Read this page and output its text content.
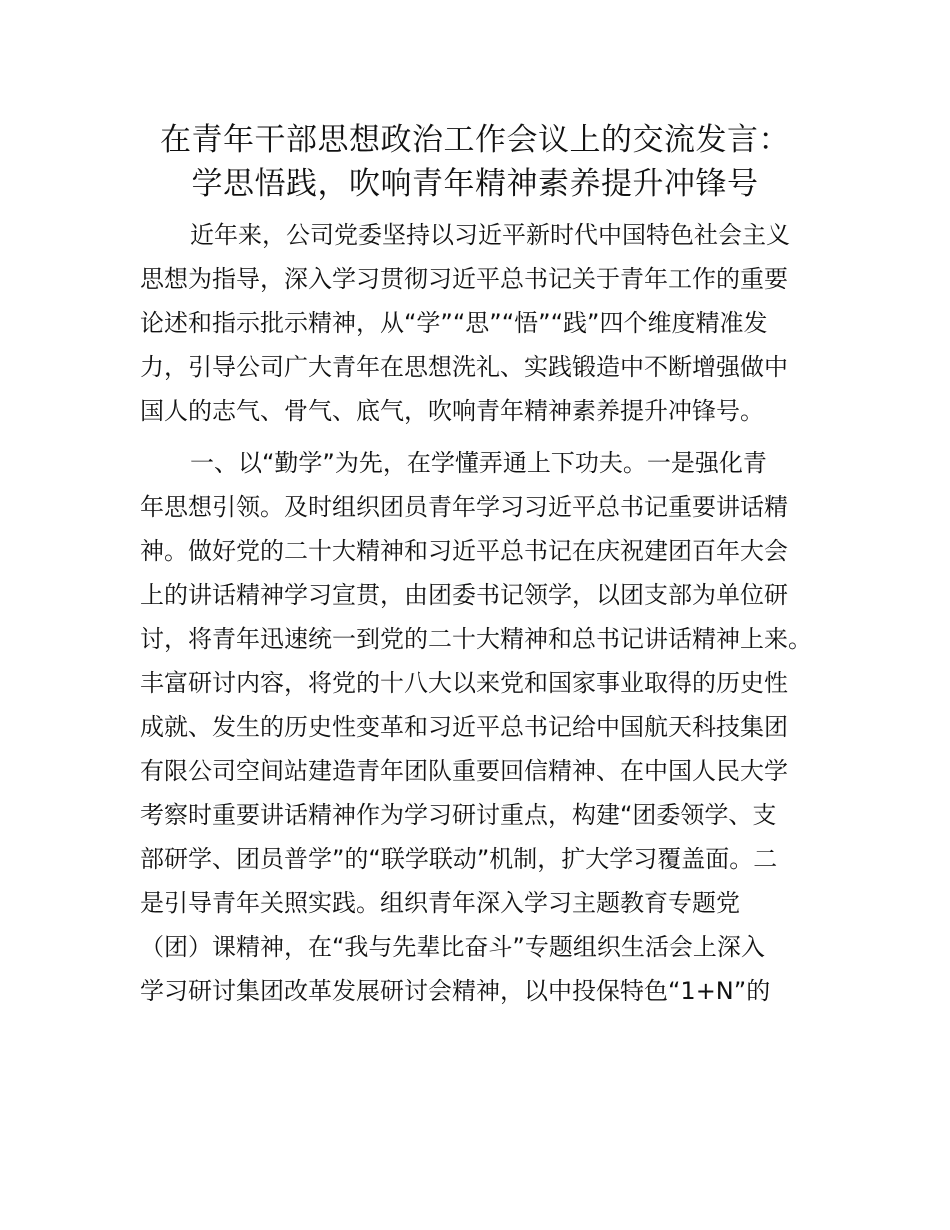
在青年干部思想政治工作会议上的交流发言：
学思悟践，吹响青年精神素养提升冲锋号
近年来，公司党委坚持以习近平新时代中国特色社会主义
思想为指导，深入学习贯彻习近平总书记关于青年工作的重要
论述和指示批示精神，从“学”“思”“悟”“践”四个维度精准发
力，引导公司广大青年在思想洗礼、实践锻造中不断增强做中
国人的志气、骨气、底气，吹响青年精神素养提升冲锋号。
一、以“勤学”为先，在学懂弄通上下功夫。一是强化青
年思想引领。及时组织团员青年学习习近平总书记重要讲话精
神。做好党的二十大精神和习近平总书记在庆祝建团百年大会
上的讲话精神学习宣贯，由团委书记领学，以团支部为单位研
讨，将青年迅速统一到党的二十大精神和总书记讲话精神上来。
丰富研讨内容，将党的十八大以来党和国家事业取得的历史性
成就、发生的历史性变革和习近平总书记给中国航天科技集团
有限公司空间站建造青年团队重要回信精神、在中国人民大学
考察时重要讲话精神作为学习研讨重点，构建“团委领学、支
部研学、团员普学”的“联学联动”机制，扩大学习覆盖面。二
是引导青年关照实践。组织青年深入学习主题教育专题党
（团）课精神，在“我与先辈比奋斗”专题组织生活会上深入
学习研讨集团改革发展研讨会精神，以中投保特色“1+N”的
